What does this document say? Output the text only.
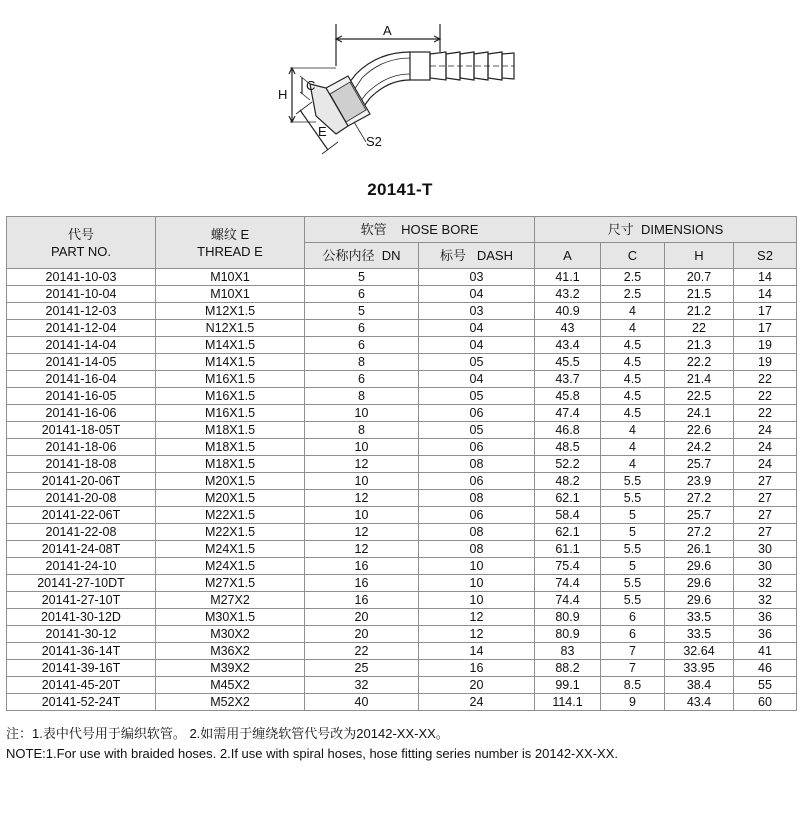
A
H
C
E
S2
20141-T
代号
PART NO.	螺纹 E
THREAD E	软管    HOSE BORE		尺寸  DIMENSIONS			
		公称内径  DN	标号   DASH	A	C	H	S2
20141-10-03	M10X1	5	03	41.1	2.5	20.7	14
20141-10-04	M10X1	6	04	43.2	2.5	21.5	14
20141-12-03	M12X1.5	5	03	40.9	4	21.2	17
20141-12-04	N12X1.5	6	04	43	4	22	17
20141-14-04	M14X1.5	6	04	43.4	4.5	21.3	19
20141-14-05	M14X1.5	8	05	45.5	4.5	22.2	19
20141-16-04	M16X1.5	6	04	43.7	4.5	21.4	22
20141-16-05	M16X1.5	8	05	45.8	4.5	22.5	22
20141-16-06	M16X1.5	10	06	47.4	4.5	24.1	22
20141-18-05T	M18X1.5	8	05	46.8	4	22.6	24
20141-18-06	M18X1.5	10	06	48.5	4	24.2	24
20141-18-08	M18X1.5	12	08	52.2	4	25.7	24
20141-20-06T	M20X1.5	10	06	48.2	5.5	23.9	27
20141-20-08	M20X1.5	12	08	62.1	5.5	27.2	27
20141-22-06T	M22X1.5	10	06	58.4	5	25.7	27
20141-22-08	M22X1.5	12	08	62.1	5	27.2	27
20141-24-08T	M24X1.5	12	08	61.1	5.5	26.1	30
20141-24-10	M24X1.5	16	10	75.4	5	29.6	30
20141-27-10DT	M27X1.5	16	10	74.4	5.5	29.6	32
20141-27-10T	M27X2	16	10	74.4	5.5	29.6	32
20141-30-12D	M30X1.5	20	12	80.9	6	33.5	36
20141-30-12	M30X2	20	12	80.9	6	33.5	36
20141-36-14T	M36X2	22	14	83	7	32.64	41
20141-39-16T	M39X2	25	16	88.2	7	33.95	46
20141-45-20T	M45X2	32	20	99.1	8.5	38.4	55
20141-52-24T	M52X2	40	24	114.1	9	43.4	60
注：1.表中代号用于编织软管。 2.如需用于缠绕软管代号改为20142-XX-XX。
NOTE:1.For use with braided hoses. 2.If use with spiral hoses, hose fitting series number is 20142-XX-XX.
